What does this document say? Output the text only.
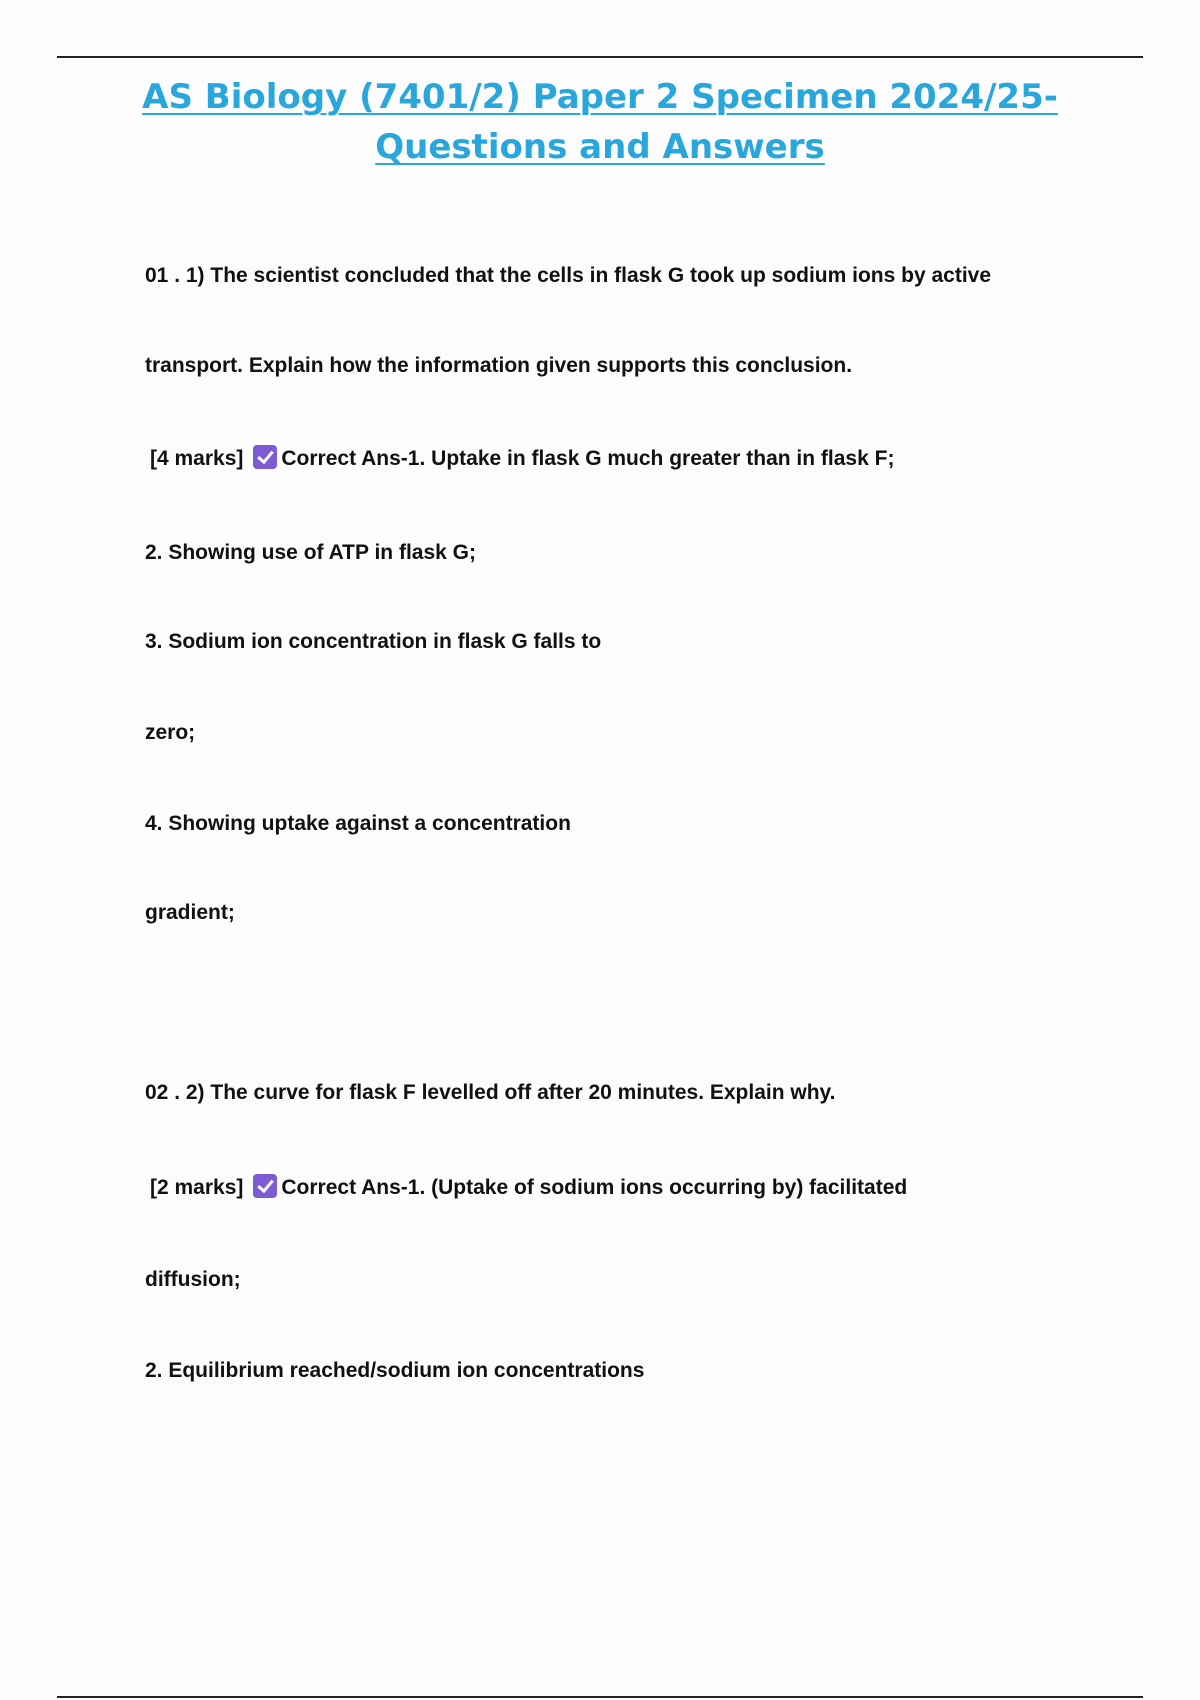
AS Biology (7401/2) Paper 2 Specimen 2024/25-
Questions and Answers

01 . 1) The scientist concluded that the cells in flask G took up sodium ions by active

transport. Explain how the information given supports this conclusion.

[4 marks] Correct Ans-1. Uptake in flask G much greater than in flask F;

2. Showing use of ATP in flask G;

3. Sodium ion concentration in flask G falls to

zero;

4. Showing uptake against a concentration

gradient;

02 . 2) The curve for flask F levelled off after 20 minutes. Explain why.

[2 marks] Correct Ans-1. (Uptake of sodium ions occurring by) facilitated

diffusion;

2. Equilibrium reached/sodium ion concentrations
